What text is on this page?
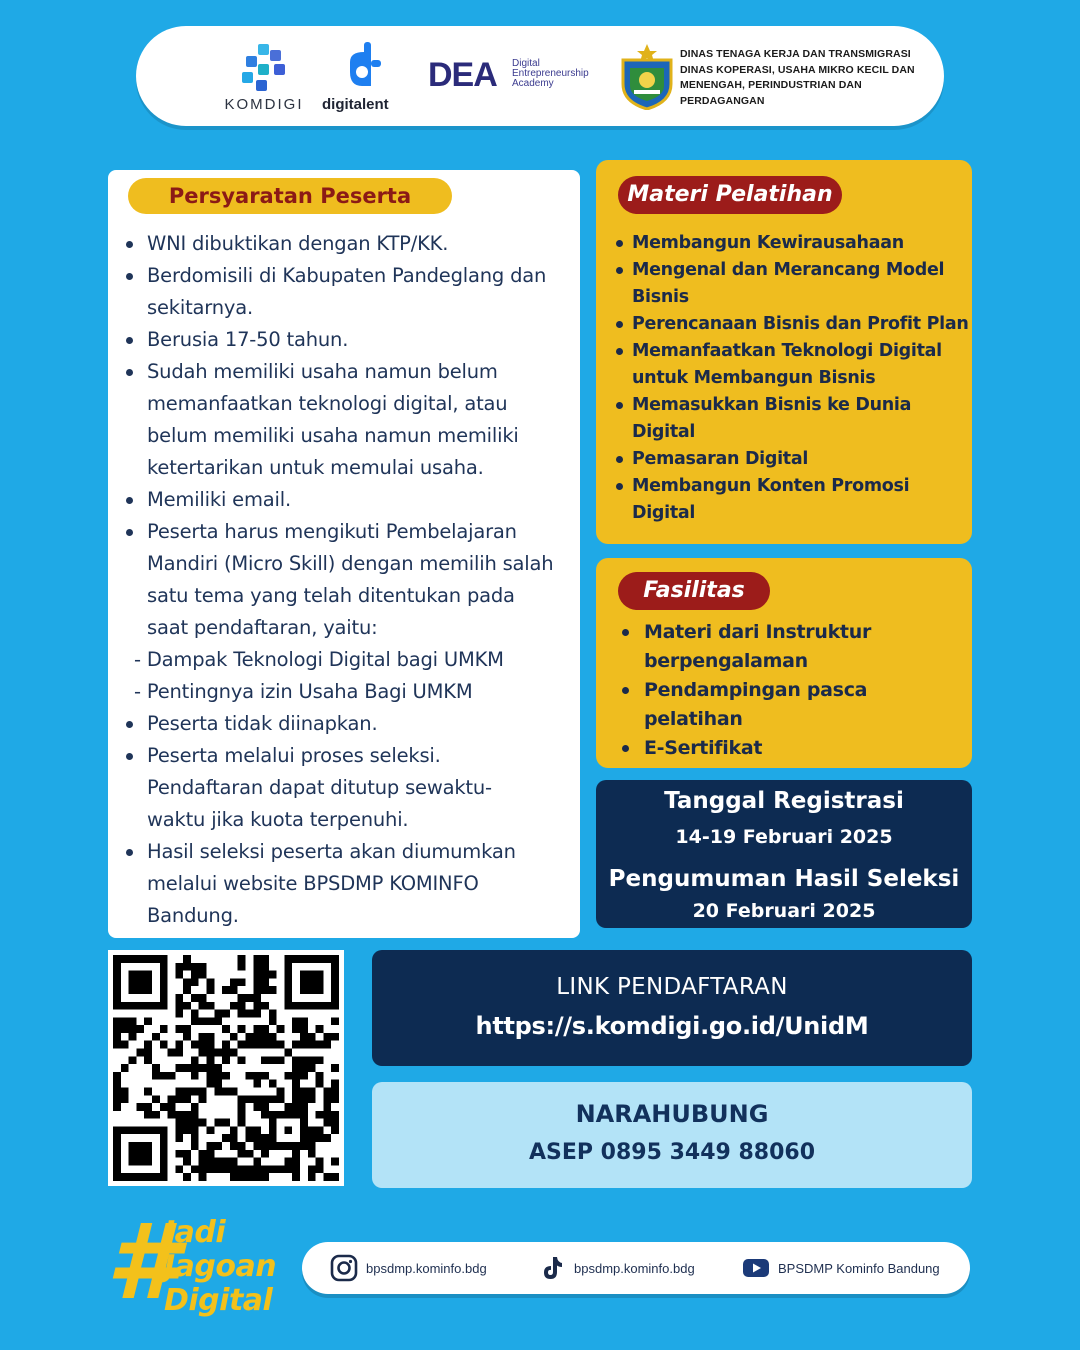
KOMDIGI	digitalent
DEA Digital
Entrepreneurship
Academy
DINAS TENAGA KERJA DAN TRANSMIGRASI
DINAS KOPERASI, USAHA MIKRO KECIL DAN
MENENGAH, PERINDUSTRIAN DAN
PERDAGANGAN
Persyaratan Peserta
WNI dibuktikan dengan KTP/KK.
Berdomisili di Kabupaten Pandeglang dan
sekitarnya.
Berusia 17-50 tahun.
Sudah memiliki usaha namun belum
memanfaatkan teknologi digital, atau
belum memiliki usaha namun memiliki
ketertarikan untuk memulai usaha.
Memiliki email.
Peserta harus mengikuti Pembelajaran
Mandiri (Micro Skill) dengan memilih salah
satu tema yang telah ditentukan pada
saat pendaftaran, yaitu:
- Dampak Teknologi Digital bagi UMKM
- Pentingnya izin Usaha Bagi UMKM
Peserta tidak diinapkan.
Peserta melalui proses seleksi.
Pendaftaran dapat ditutup sewaktu-
waktu jika kuota terpenuhi.
Hasil seleksi peserta akan diumumkan
melalui website BPSDMP KOMINFO
Bandung.
Materi Pelatihan
Membangun Kewirausahaan
Mengenal dan Merancang Model
Bisnis
Perencanaan Bisnis dan Profit Plan
Memanfaatkan Teknologi Digital
untuk Membangun Bisnis
Memasukkan Bisnis ke Dunia
Digital
Pemasaran Digital
Membangun Konten Promosi
Digital
Fasilitas
Materi dari Instruktur
berpengalaman
Pendampingan pasca
pelatihan
E-Sertifikat
Tanggal Registrasi
14-19 Februari 2025
Pengumuman Hasil Seleksi
20 Februari 2025
LINK PENDAFTARAN
https://s.komdigi.go.id/UnidM
NARAHUBUNG
ASEP 0895 3449 88060
#
Jadi
Jagoan
Digital
bpsdmp.kominfo.bdg	bpsdmp.kominfo.bdg	BPSDMP Kominfo Bandung
